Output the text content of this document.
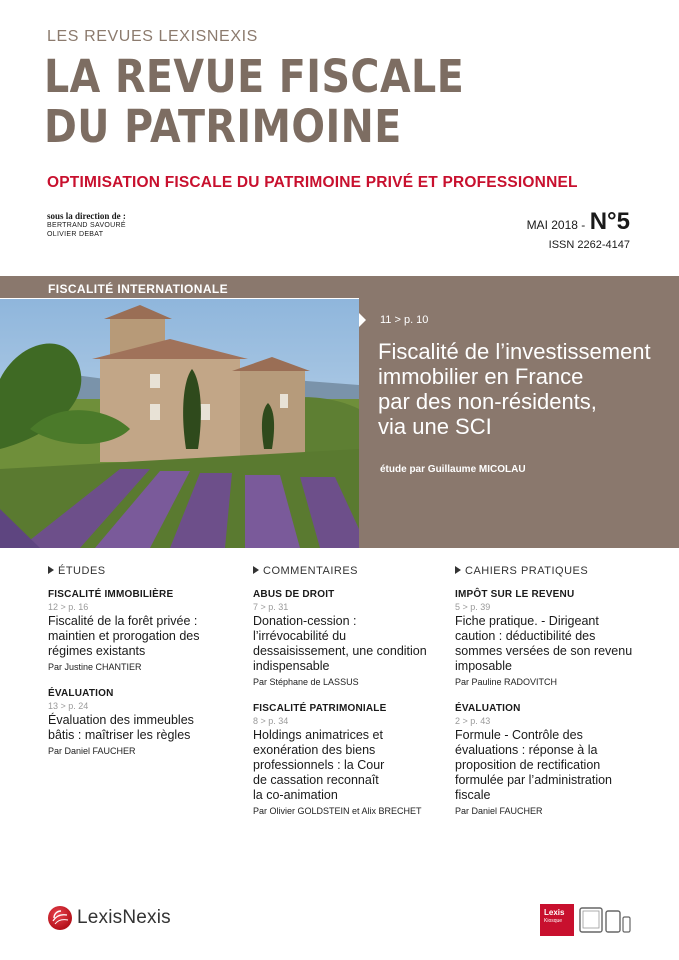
LES REVUES LEXISNEXIS
LA REVUE FISCALE
DU PATRIMOINE
OPTIMISATION FISCALE DU PATRIMOINE PRIVÉ ET PROFESSIONNEL
sous la direction de :
BERTRAND SAVOURÉ
OLIVIER DEBAT
MAI 2018 - N°5
ISSN 2262-4147
FISCALITÉ INTERNATIONALE
11 > p. 10
Fiscalité de l’investissement
immobilier en France
par des non-résidents,
via une SCI
étude par Guillaume MICOLAU
ÉTUDES
FISCALITÉ IMMOBILIÈRE
12 > p. 16
Fiscalité de la forêt privée :
maintien et prorogation des
régimes existants
Par Justine CHANTIER
ÉVALUATION
13 > p. 24
Évaluation des immeubles
bâtis : maîtriser les règles
Par Daniel FAUCHER
COMMENTAIRES
ABUS DE DROIT
7 > p. 31
Donation-cession :
l’irrévocabilité du
dessaisissement, une condition
indispensable
Par Stéphane de LASSUS
FISCALITÉ PATRIMONIALE
8 > p. 34
Holdings animatrices et
exonération des biens
professionnels : la Cour
de cassation reconnaît
la co-animation
Par Olivier GOLDSTEIN et Alix BRECHET
CAHIERS PRATIQUES
IMPÔT SUR LE REVENU
5 > p. 39
Fiche pratique. - Dirigeant
caution : déductibilité des
sommes versées de son revenu
imposable
Par Pauline RADOVITCH
ÉVALUATION
2 > p. 43
Formule - Contrôle des
évaluations : réponse à la
proposition de rectification
formulée par l’administration
fiscale
Par Daniel FAUCHER
LexisNexis	Lexis
Kiosque
